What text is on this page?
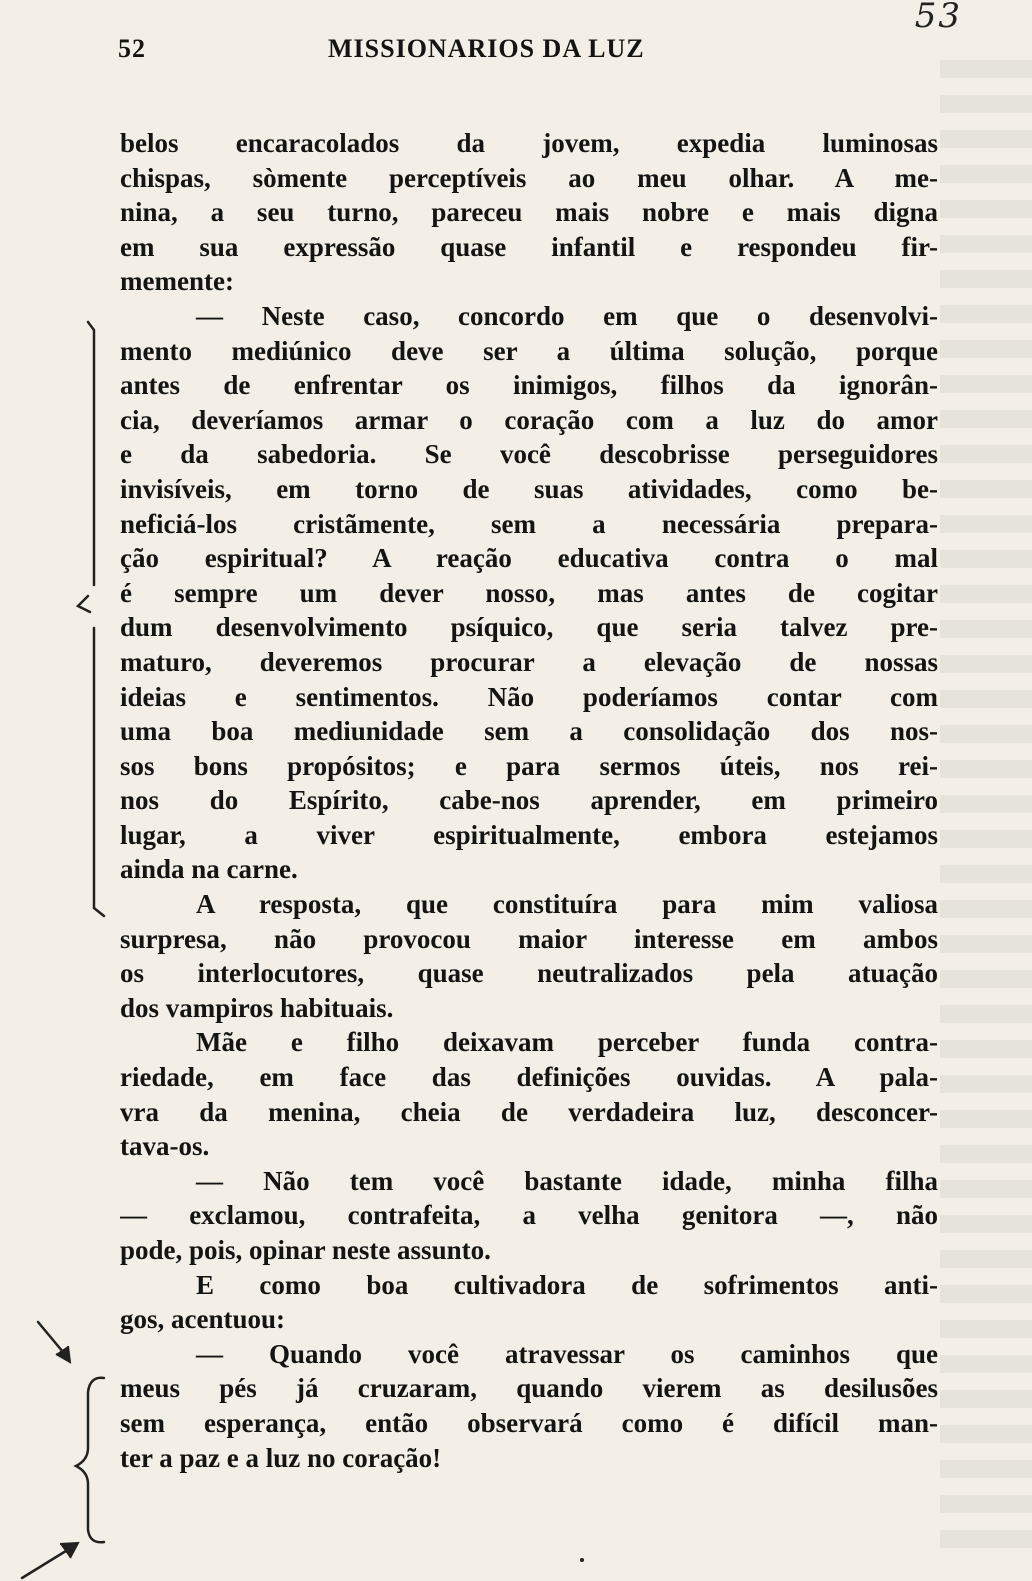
53
52	MISSIONARIOS DA LUZ
belos encaracolados da jovem, expedia luminosas
chispas, sòmente perceptíveis ao meu olhar. A me-
nina, a seu turno, pareceu mais nobre e mais digna
em sua expressão quase infantil e respondeu fir-
memente:
— Neste caso, concordo em que o desenvolvi-
mento mediúnico deve ser a última solução, porque
antes de enfrentar os inimigos, filhos da ignorân-
cia, deveríamos armar o coração com a luz do amor
e da sabedoria. Se você descobrisse perseguidores
invisíveis, em torno de suas atividades, como be-
neficiá-los cristãmente, sem a necessária prepara-
ção espiritual? A reação educativa contra o mal
é sempre um dever nosso, mas antes de cogitar
dum desenvolvimento psíquico, que seria talvez pre-
maturo, deveremos procurar a elevação de nossas
ideias e sentimentos. Não poderíamos contar com
uma boa mediunidade sem a consolidação dos nos-
sos bons propósitos; e para sermos úteis, nos rei-
nos do Espírito, cabe-nos aprender, em primeiro
lugar, a viver espiritualmente, embora estejamos
ainda na carne.
A resposta, que constituíra para mim valiosa
surpresa, não provocou maior interesse em ambos
os interlocutores, quase neutralizados pela atuação
dos vampiros habituais.
Mãe e filho deixavam perceber funda contra-
riedade, em face das definições ouvidas. A pala-
vra da menina, cheia de verdadeira luz, desconcer-
tava-os.
— Não tem você bastante idade, minha filha
— exclamou, contrafeita, a velha genitora —, não
pode, pois, opinar neste assunto.
E como boa cultivadora de sofrimentos anti-
gos, acentuou:
— Quando você atravessar os caminhos que
meus pés já cruzaram, quando vierem as desilusões
sem esperança, então observará como é difícil man-
ter a paz e a luz no coração!
